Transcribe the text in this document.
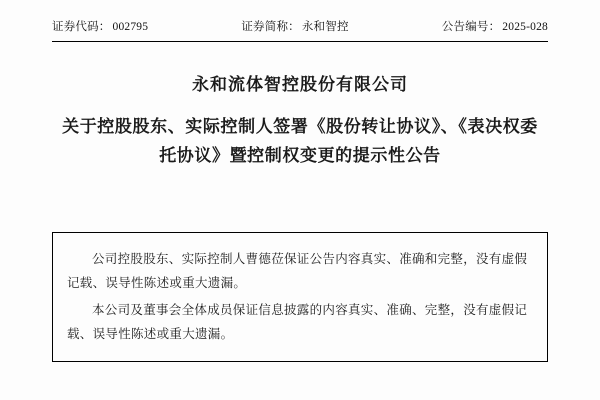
证券代码： 002795	证券简称： 永和智控	公告编号： 2025-028
永和流体智控股份有限公司
关于控股股东、实际控制人签署《股份转让协议》、《表决权委托协议》暨控制权变更的提示性公告

公司控股股东、实际控制人曹德莅保证公告内容真实、准确和完整，没有虚假记载、误导性陈述或重大遗漏。

本公司及董事会全体成员保证信息披露的内容真实、准确、完整，没有虚假记载、误导性陈述或重大遗漏。
